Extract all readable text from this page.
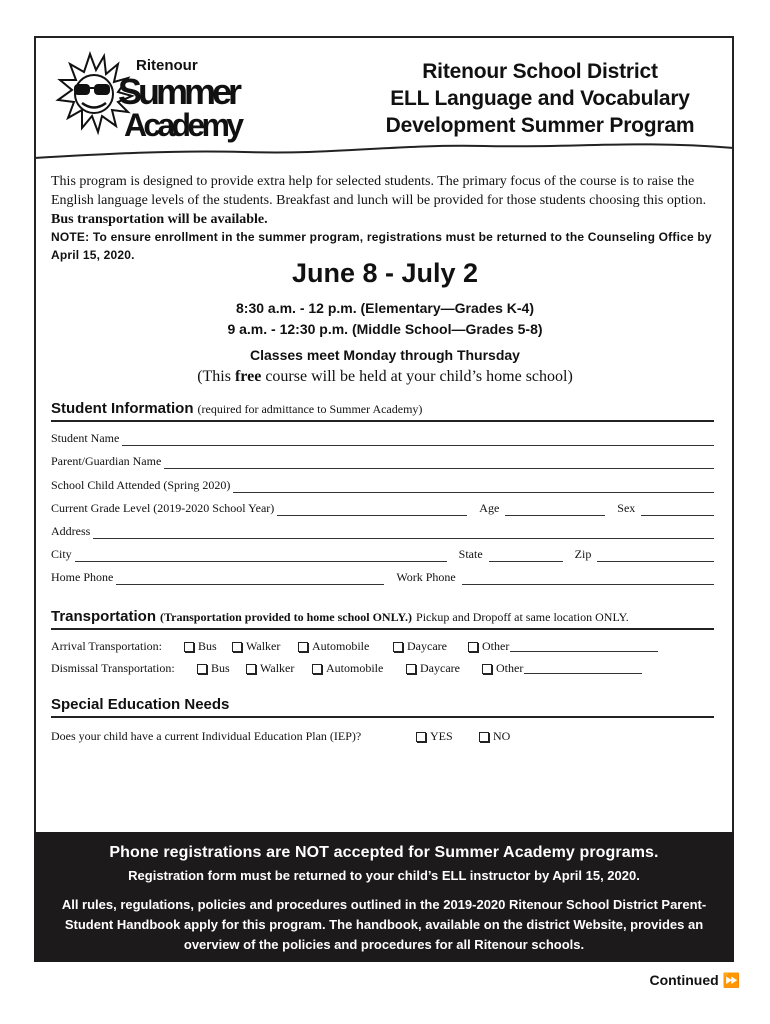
Ritenour
Summer
Academy
Ritenour School District
ELL Language and Vocabulary
Development Summer Program
This program is designed to provide extra help for selected students. The primary focus of the course is to raise the English language levels of the students. Breakfast and lunch will be provided for those students choosing this option. Bus transportation will be available.
NOTE: To ensure enrollment in the summer program, registrations must be returned to the Counseling Office by April 15, 2020.
June 8 - July 2
8:30 a.m. - 12 p.m. (Elementary—Grades K-4)
9 a.m. - 12:30 p.m. (Middle School—Grades 5-8)
Classes meet Monday through Thursday
(This free course will be held at your child’s home school)
Student Information (required for admittance to Summer Academy)
Student Name
Parent/Guardian Name
School Child Attended (Spring 2020)
Current Grade Level (2019-2020 School Year)	Age	Sex
Address
City	State	Zip
Home Phone	Work Phone
Transportation (Transportation provided to home school ONLY.) Pickup and Dropoff at same location ONLY.
Arrival Transportation:	Bus Walker	Automobile	Daycare	Other
Dismissal Transportation:	Bus	Walker	Automobile	Daycare	Other
Special Education Needs
Does your child have a current Individual Education Plan (IEP)?	YES	NO
Phone registrations are NOT accepted for Summer Academy programs.
Registration form must be returned to your child’s ELL instructor by April 15, 2020.
All rules, regulations, policies and procedures outlined in the 2019-2020 Ritenour School District Parent-Student Handbook apply for this program. The handbook, available on the district Website, provides an overview of the policies and procedures for all Ritenour schools.
Continued ⏩
